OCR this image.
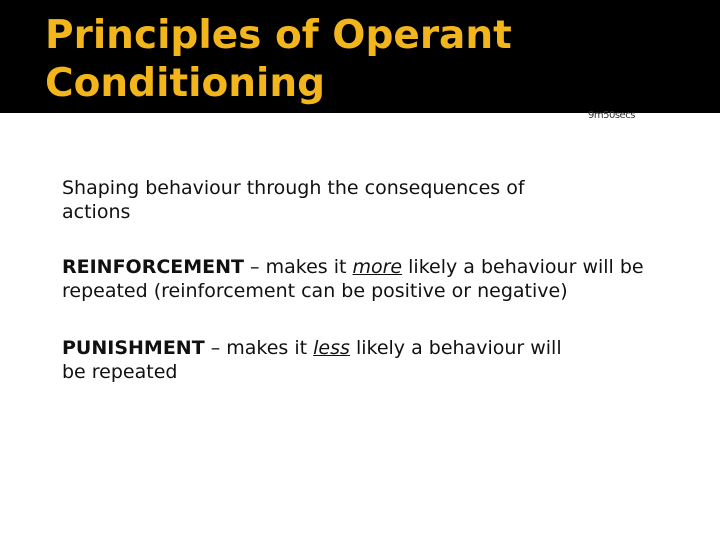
Principles of Operant
Conditioning
9m50secs

Shaping behaviour through the consequences of actions

REINFORCEMENT – makes it more likely a behaviour will be repeated (reinforcement can be positive or negative)

PUNISHMENT – makes it less likely a behaviour will be repeated
